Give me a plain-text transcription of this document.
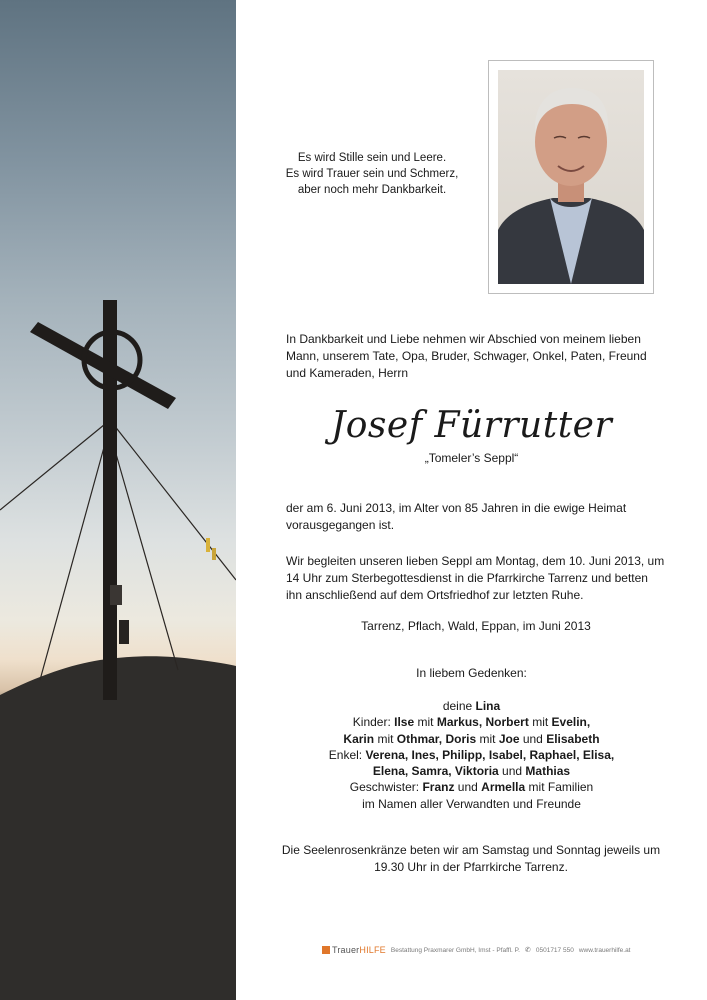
Es wird Stille sein und Leere.
Es wird Trauer sein und Schmerz,
aber noch mehr Dankbarkeit.

In Dankbarkeit und Liebe nehmen wir Abschied von meinem lieben Mann, unserem Tate, Opa, Bruder, Schwager, Onkel, Paten, Freund und Kameraden, Herrn

Josef Fürrutter

„Tomeler’s Seppl“

der am 6. Juni 2013, im Alter von 85 Jahren in die ewige Heimat vorausgegangen ist.

Wir begleiten unseren lieben Seppl am Montag, dem 10. Juni 2013, um 14 Uhr zum Sterbegottesdienst in die Pfarrkirche Tarrenz und betten ihn anschließend auf dem Ortsfriedhof zur letzten Ruhe.

Tarrenz, Pflach, Wald, Eppan, im Juni 2013

In liebem Gedenken:

deine Lina
Kinder: Ilse mit Markus, Norbert mit Evelin,
Karin mit Othmar, Doris mit Joe und Elisabeth
Enkel: Verena, Ines, Philipp, Isabel, Raphael, Elisa,
Elena, Samra, Viktoria und Mathias
Geschwister: Franz und Armella mit Familien
im Namen aller Verwandten und Freunde

Die Seelenrosenkränze beten wir am Samstag und Sonntag jeweils um 19.30 Uhr in der Pfarrkirche Tarrenz.

TrauerHILFE Bestattung Praxmarer GmbH, Imst - Pfaffl. P. ✆ 0501717 550 www.trauerhilfe.at
